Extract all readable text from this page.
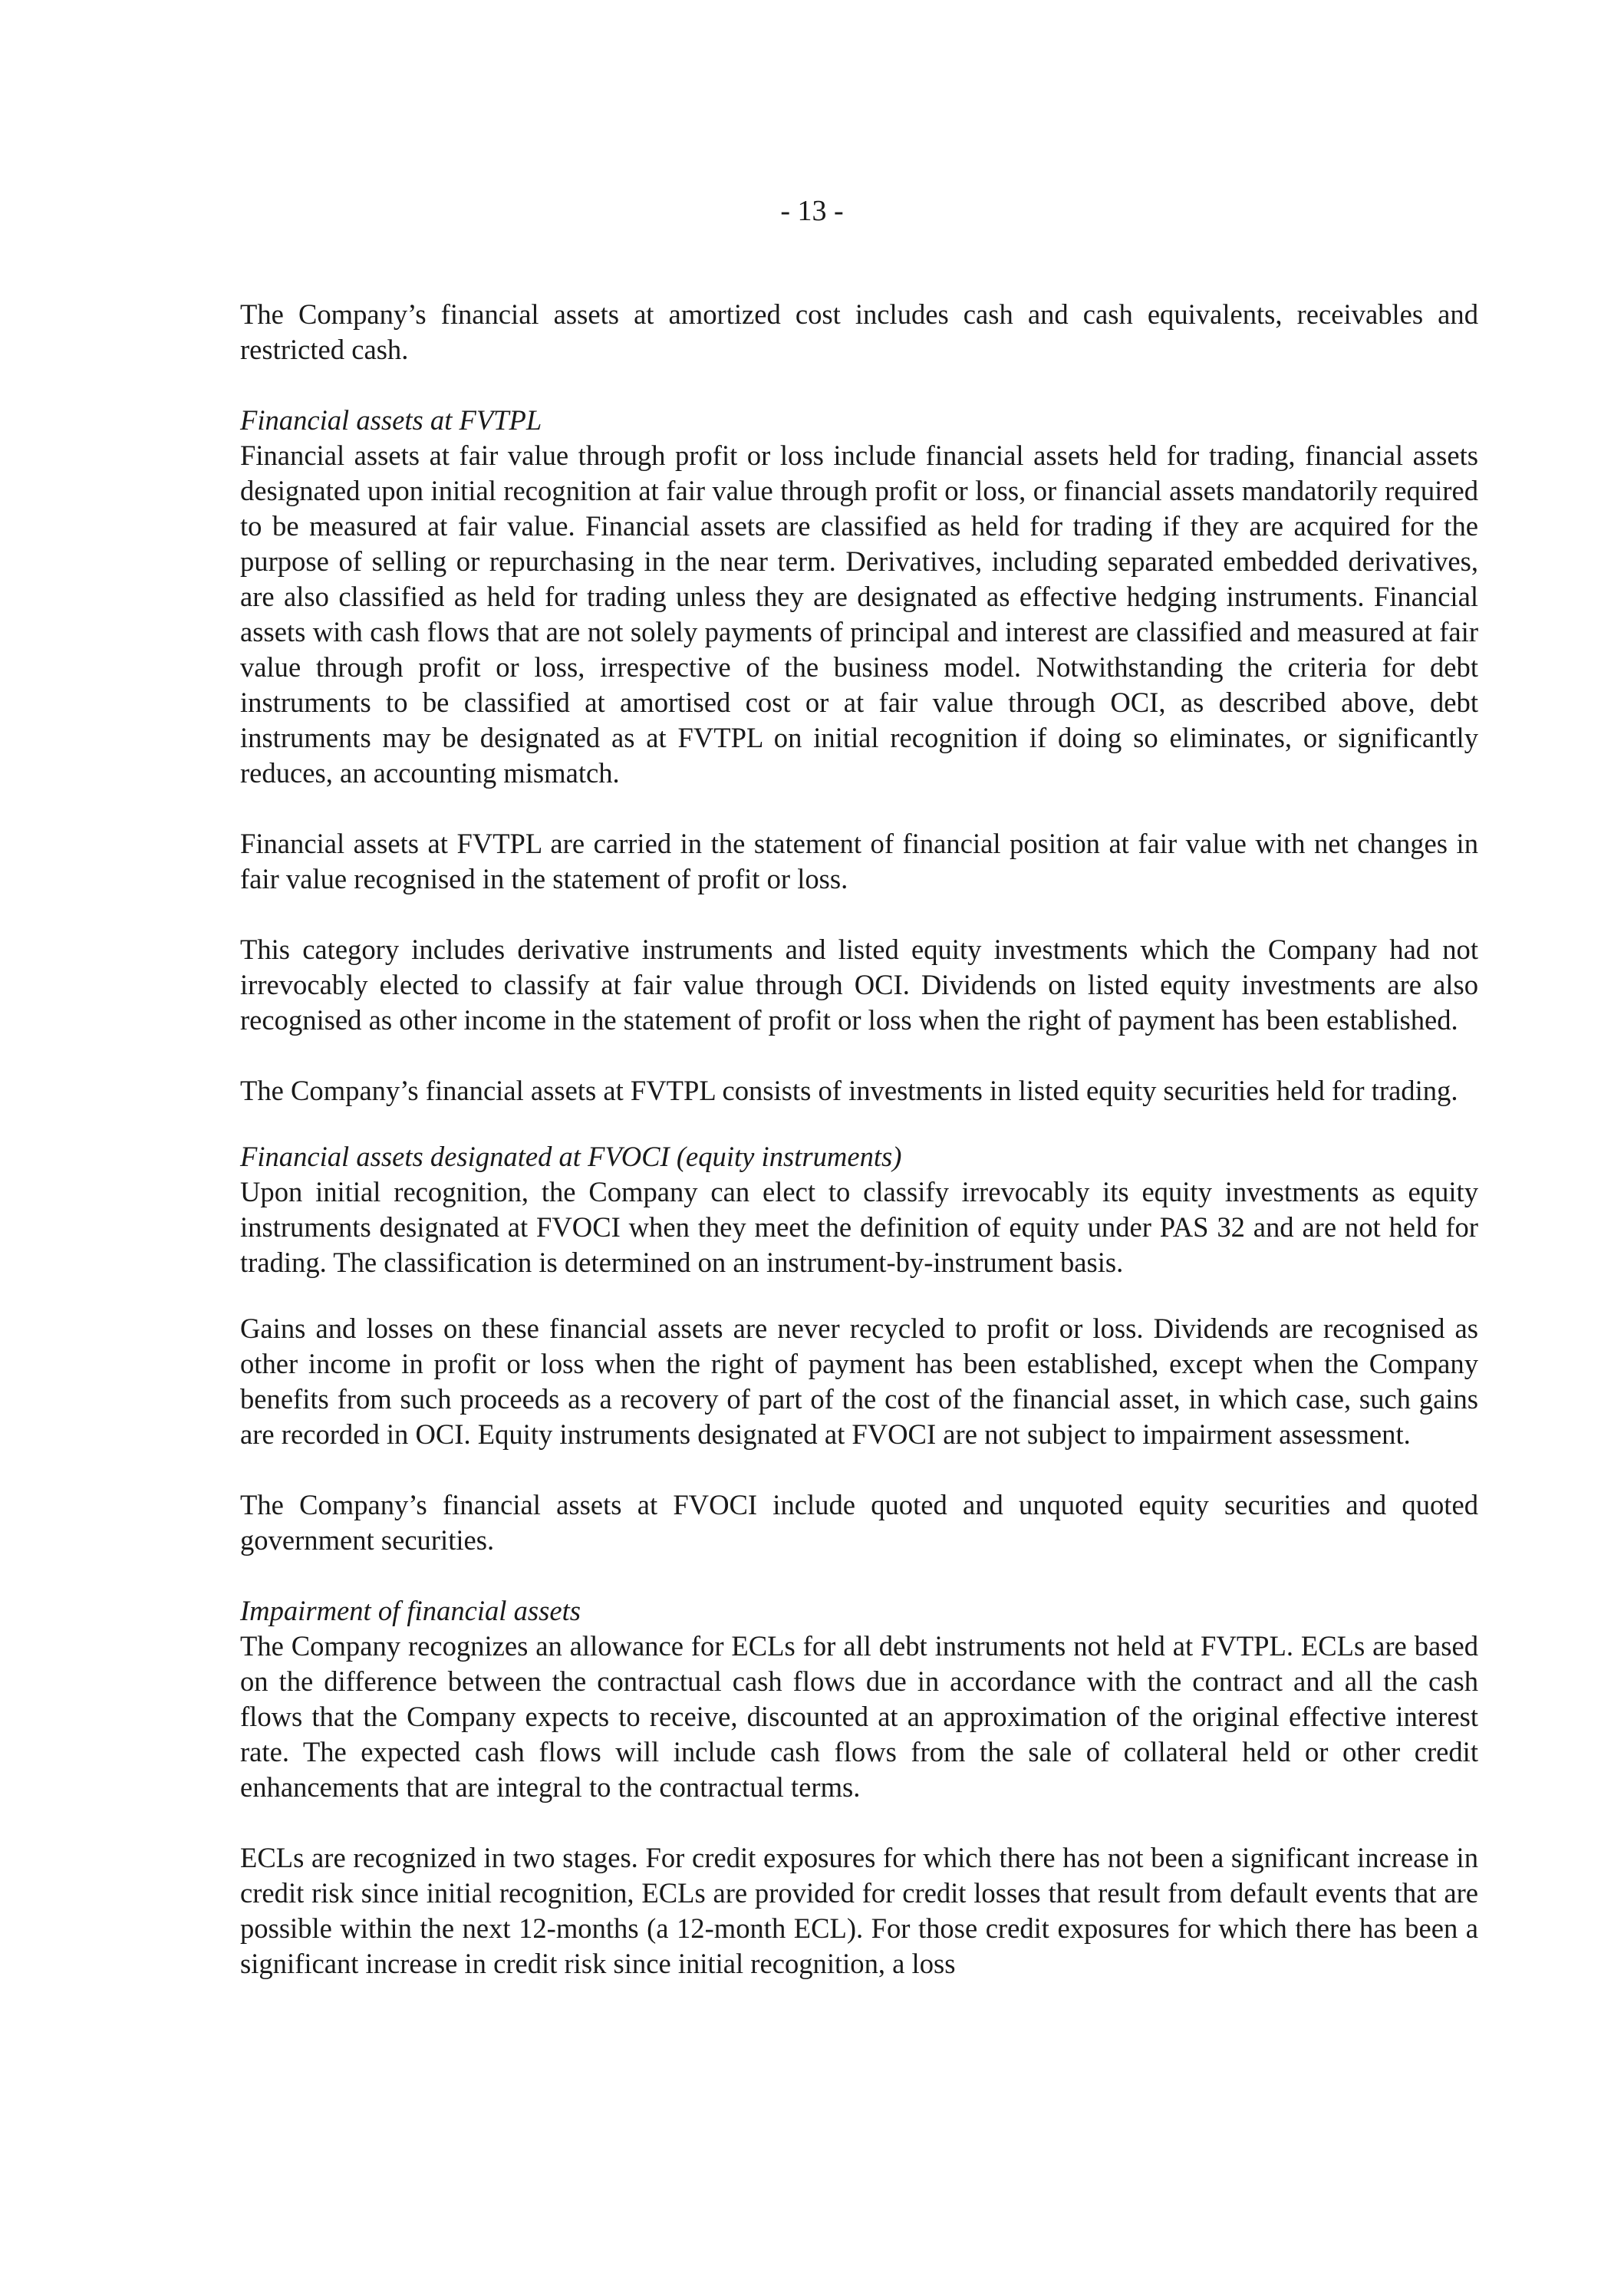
- 13 -

The Company’s financial assets at amortized cost includes cash and cash equivalents, receivables and restricted cash.

Financial assets at FVTPL

Financial assets at fair value through profit or loss include financial assets held for trading, financial assets designated upon initial recognition at fair value through profit or loss, or financial assets mandatorily required to be measured at fair value. Financial assets are classified as held for trading if they are acquired for the purpose of selling or repurchasing in the near term. Derivatives, including separated embedded derivatives, are also classified as held for trading unless they are designated as effective hedging instruments. Financial assets with cash flows that are not solely payments of principal and interest are classified and measured at fair value through profit or loss, irrespective of the business model. Notwithstanding the criteria for debt instruments to be classified at amortised cost or at fair value through OCI, as described above, debt instruments may be designated as at FVTPL on initial recognition if doing so eliminates, or significantly reduces, an accounting mismatch.

Financial assets at FVTPL are carried in the statement of financial position at fair value with net changes in fair value recognised in the statement of profit or loss.

This category includes derivative instruments and listed equity investments which the Company had not irrevocably elected to classify at fair value through OCI. Dividends on listed equity investments are also recognised as other income in the statement of profit or loss when the right of payment has been established.

The Company’s financial assets at FVTPL consists of investments in listed equity securities held for trading.

Financial assets designated at FVOCI (equity instruments)

Upon initial recognition, the Company can elect to classify irrevocably its equity investments as equity instruments designated at FVOCI when they meet the definition of equity under PAS 32 and are not held for trading. The classification is determined on an instrument-by-instrument basis.

Gains and losses on these financial assets are never recycled to profit or loss. Dividends are recognised as other income in profit or loss when the right of payment has been established, except when the Company benefits from such proceeds as a recovery of part of the cost of the financial asset, in which case, such gains are recorded in OCI. Equity instruments designated at FVOCI are not subject to impairment assessment.

The Company’s financial assets at FVOCI include quoted and unquoted equity securities and quoted government securities.

Impairment of financial assets

The Company recognizes an allowance for ECLs for all debt instruments not held at FVTPL. ECLs are based on the difference between the contractual cash flows due in accordance with the contract and all the cash flows that the Company expects to receive, discounted at an approximation of the original effective interest rate. The expected cash flows will include cash flows from the sale of collateral held or other credit enhancements that are integral to the contractual terms.

ECLs are recognized in two stages. For credit exposures for which there has not been a significant increase in credit risk since initial recognition, ECLs are provided for credit losses that result from default events that are possible within the next 12-months (a 12-month ECL). For those credit exposures for which there has been a significant increase in credit risk since initial recognition, a loss
